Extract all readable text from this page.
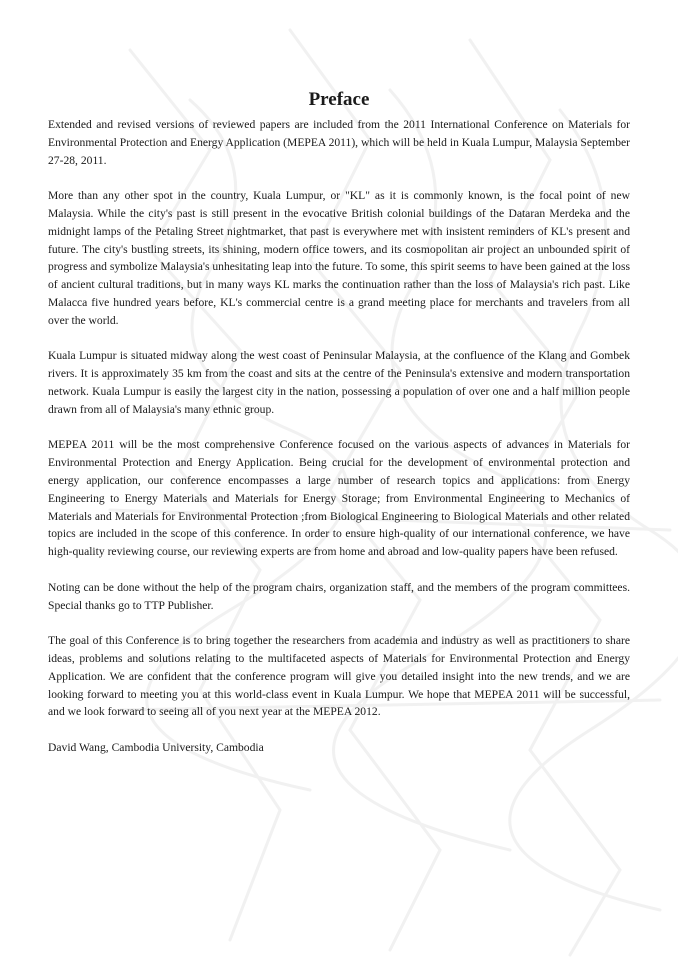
Preface

Extended and revised versions of reviewed papers are included from the 2011 International Conference on Materials for Environmental Protection and Energy Application (MEPEA 2011), which will be held in Kuala Lumpur, Malaysia September 27-28, 2011.

More than any other spot in the country, Kuala Lumpur, or "KL" as it is commonly known, is the focal point of new Malaysia. While the city's past is still present in the evocative British colonial buildings of the Dataran Merdeka and the midnight lamps of the Petaling Street nightmarket, that past is everywhere met with insistent reminders of KL's present and future. The city's bustling streets, its shining, modern office towers, and its cosmopolitan air project an unbounded spirit of progress and symbolize Malaysia's unhesitating leap into the future. To some, this spirit seems to have been gained at the loss of ancient cultural traditions, but in many ways KL marks the continuation rather than the loss of Malaysia's rich past. Like Malacca five hundred years before, KL's commercial centre is a grand meeting place for merchants and travelers from all over the world.

Kuala Lumpur is situated midway along the west coast of Peninsular Malaysia, at the confluence of the Klang and Gombek rivers. It is approximately 35 km from the coast and sits at the centre of the Peninsula's extensive and modern transportation network. Kuala Lumpur is easily the largest city in the nation, possessing a population of over one and a half million people drawn from all of Malaysia's many ethnic group.

MEPEA 2011 will be the most comprehensive Conference focused on the various aspects of advances in Materials for Environmental Protection and Energy Application. Being crucial for the development of environmental protection and energy application, our conference encompasses a large number of research topics and applications: from Energy Engineering to Energy Materials and Materials for Energy Storage; from Environmental Engineering to Mechanics of Materials and Materials for Environmental Protection ;from Biological Engineering to Biological Materials and other related topics are included in the scope of this conference. In order to ensure high-quality of our international conference, we have high-quality reviewing course, our reviewing experts are from home and abroad and low-quality papers have been refused.

Noting can be done without the help of the program chairs, organization staff, and the members of the program committees. Special thanks go to TTP Publisher.

The goal of this Conference is to bring together the researchers from academia and industry as well as practitioners to share ideas, problems and solutions relating to the multifaceted aspects of Materials for Environmental Protection and Energy Application. We are confident that the conference program will give you detailed insight into the new trends, and we are looking forward to meeting you at this world-class event in Kuala Lumpur. We hope that MEPEA 2011 will be successful, and we look forward to seeing all of you next year at the MEPEA 2012.

David Wang, Cambodia University, Cambodia
